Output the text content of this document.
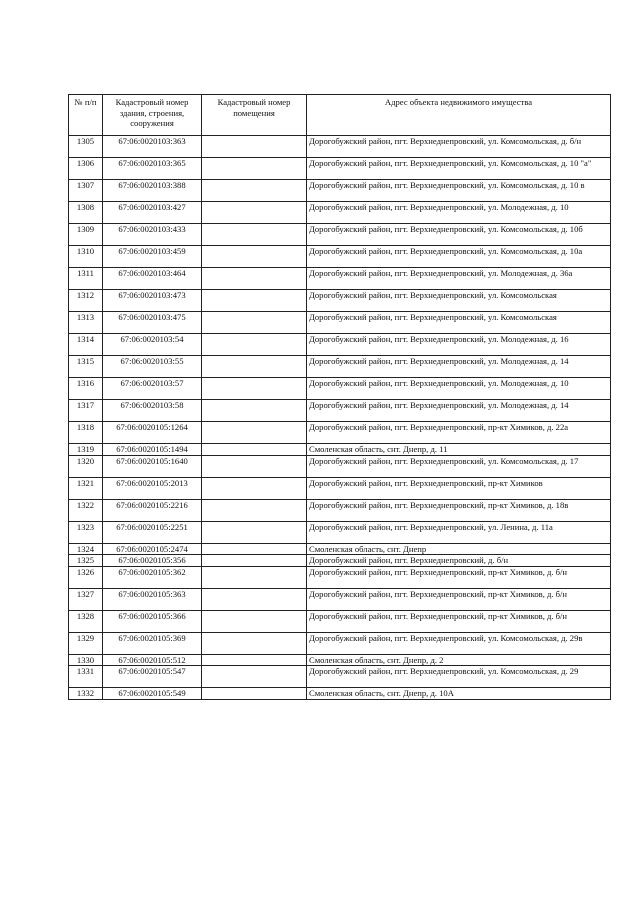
№ п/п	Кадастровый номер здания, строения, сооружения	Кадастровый номер помещения	Адрес объекта недвижимого имущества
1305	67:06:0020103:363		Дорогобужский район, пгт. Верхнеднепровский, ул. Комсомольская, д. б/н
1306	67:06:0020103:365		Дорогобужский район, пгт. Верхнеднепровский, ул. Комсомольская, д. 10 "а"
1307	67:06:0020103:388		Дорогобужский район, пгт. Верхнеднепровский, ул. Комсомольская, д. 10 в
1308	67:06:0020103:427		Дорогобужский район, пгт. Верхнеднепровский, ул. Молодежная, д. 10
1309	67:06:0020103:433		Дорогобужский район, пгт. Верхнеднепровский, ул. Комсомольская, д. 10б
1310	67:06:0020103:459		Дорогобужский район, пгт. Верхнеднепровский, ул. Комсомольская, д. 10а
1311	67:06:0020103:464		Дорогобужский район, пгт. Верхнеднепровский, ул. Молодежная, д. 36а
1312	67:06:0020103:473		Дорогобужский район, пгт. Верхнеднепровский, ул. Комсомольская
1313	67:06:0020103:475		Дорогобужский район, пгт. Верхнеднепровский, ул. Комсомольская
1314	67:06:0020103:54		Дорогобужский район, пгт. Верхнеднепровский, ул. Молодежная, д. 16
1315	67:06:0020103:55		Дорогобужский район, пгт. Верхнеднепровский, ул. Молодежная, д. 14
1316	67:06:0020103:57		Дорогобужский район, пгт. Верхнеднепровский, ул. Молодежная, д. 10
1317	67:06:0020103:58		Дорогобужский район, пгт. Верхнеднепровский, ул. Молодежная, д. 14
1318	67:06:0020105:1264		Дорогобужский район, пгт. Верхнеднепровский, пр-кт Химиков, д. 22а
1319	67:06:0020105:1494		Смоленская область, снт. Днепр, д. 11
1320	67:06:0020105:1640		Дорогобужский район, пгт. Верхнеднепровский, ул. Комсомольская, д. 17
1321	67:06:0020105:2013		Дорогобужский район, пгт. Верхнеднепровский, пр-кт Химиков
1322	67:06:0020105:2216		Дорогобужский район, пгт. Верхнеднепровский, пр-кт Химиков, д. 18в
1323	67:06:0020105:2251		Дорогобужский район, пгт. Верхнеднепровский, ул. Ленина, д. 11а
1324	67:06:0020105:2474		Смоленская область, снт. Днепр
1325	67:06:0020105:356		Дорогобужский район, пгт. Верхнеднепровский, д. б/н
1326	67:06:0020105:362		Дорогобужский район, пгт. Верхнеднепровский, пр-кт Химиков, д. б/н
1327	67:06:0020105:363		Дорогобужский район, пгт. Верхнеднепровский, пр-кт Химиков, д. б/н
1328	67:06:0020105:366		Дорогобужский район, пгт. Верхнеднепровский, пр-кт Химиков, д. б/н
1329	67:06:0020105:369		Дорогобужский район, пгт. Верхнеднепровский, ул. Комсомольская, д. 29в
1330	67:06:0020105:512		Смоленская область, снт. Днепр, д. 2
1331	67:06:0020105:547		Дорогобужский район, пгт. Верхнеднепровский, ул. Комсомольская, д. 29
1332	67:06:0020105:549		Смоленская область, снт. Днепр, д. 10А
